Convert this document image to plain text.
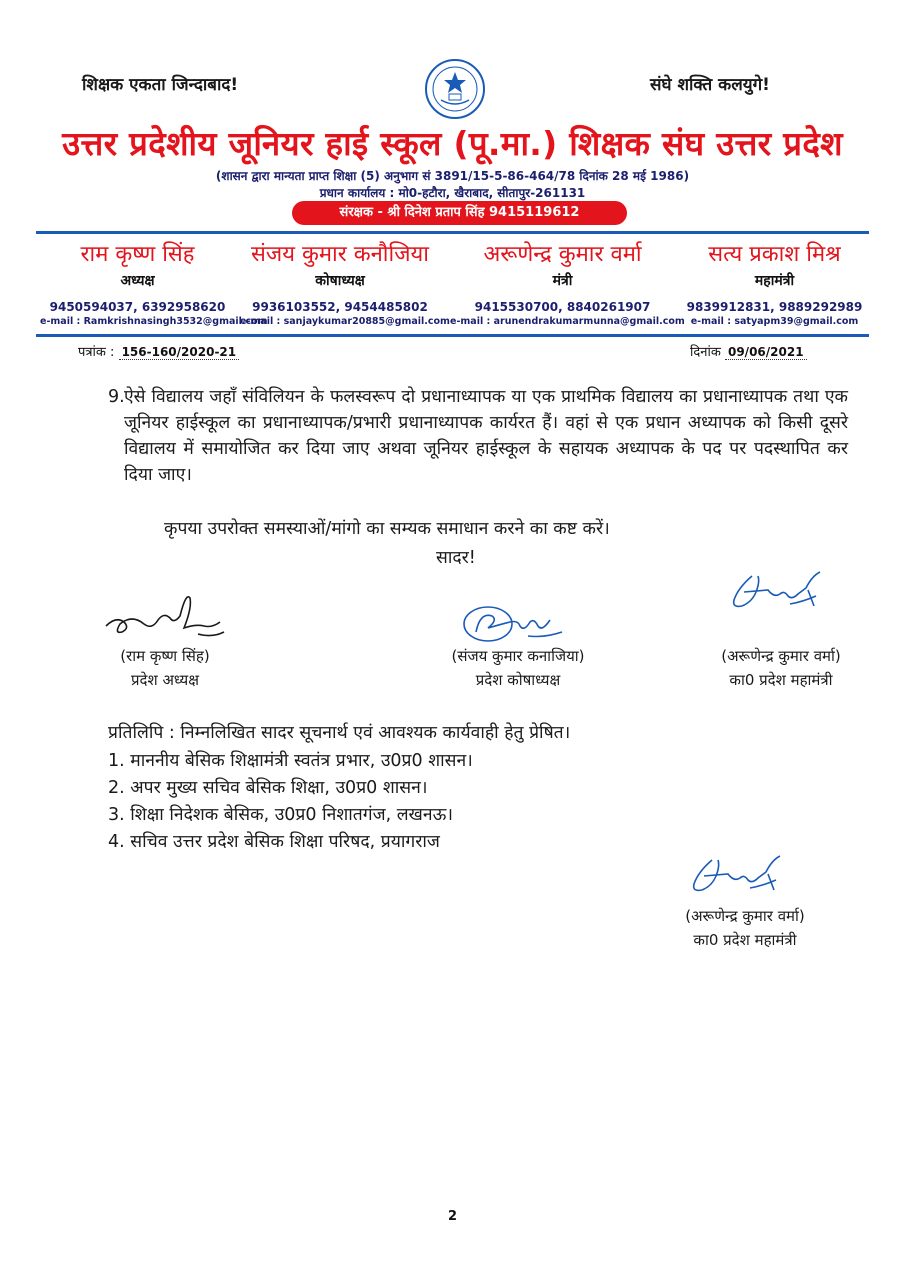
शिक्षक एकता जिन्दाबाद!	संघे शक्ति कलयुगे!
उत्तर प्रदेशीय जूनियर हाई स्कूल (पू.मा.) शिक्षक संघ उत्तर प्रदेश
(शासन द्वारा मान्यता प्राप्त शिक्षा (5) अनुभाग सं 3891/15-5-86-464/78 दिनांक 28 मई 1986)
प्रधान कार्यालय : मो0-हटौरा, खैराबाद, सीतापुर-261131
संरक्षक - श्री दिनेश प्रताप सिंह 9415119612
राम कृष्ण सिंह
अध्यक्ष
9450594037, 6392958620
e-mail : Ramkrishnasingh3532@gmail.com
संजय कुमार कनौजिया
कोषाध्यक्ष
9936103552, 9454485802
e-mail : sanjaykumar20885@gmail.com
अरूणेन्द्र कुमार वर्मा
मंत्री
9415530700, 8840261907
e-mail : arunendrakumarmunna@gmail.com
सत्य प्रकाश मिश्र
महामंत्री
9839912831, 9889292989
e-mail : satyapm39@gmail.com
पत्रांक : 156-160/2020-21	दिनांक 09/06/2021
9. ऐसे विद्यालय जहाँ संविलियन के फलस्वरूप दो प्रधानाध्यापक या एक प्राथमिक विद्यालय का प्रधानाध्यापक तथा एक जूनियर हाईस्कूल का प्रधानाध्यापक/प्रभारी प्रधानाध्यापक कार्यरत हैं। वहां से एक प्रधान अध्यापक को किसी दूसरे विद्यालय में समायोजित कर दिया जाए अथवा जूनियर हाईस्कूल के सहायक अध्यापक के पद पर पदस्थापित कर दिया जाए।
कृपया उपरोक्त समस्याओं/मांगो का सम्यक समाधान करने का कष्ट करें।
सादर!
(राम कृष्ण सिंह)
प्रदेश अध्यक्ष
(संजय कुमार कनाजिया)
प्रदेश कोषाध्यक्ष
(अरूणेन्द्र कुमार वर्मा)
का0 प्रदेश महामंत्री
प्रतिलिपि : निम्नलिखित सादर सूचनार्थ एवं आवश्यक कार्यवाही हेतु प्रेषित।
1. माननीय बेसिक शिक्षामंत्री स्वतंत्र प्रभार, उ0प्र0 शासन।
2. अपर मुख्य सचिव बेसिक शिक्षा, उ0प्र0 शासन।
3. शिक्षा निदेशक बेसिक, उ0प्र0 निशातगंज, लखनऊ।
4. सचिव उत्तर प्रदेश बेसिक शिक्षा परिषद, प्रयागराज
(अरूणेन्द्र कुमार वर्मा)
का0 प्रदेश महामंत्री
2
